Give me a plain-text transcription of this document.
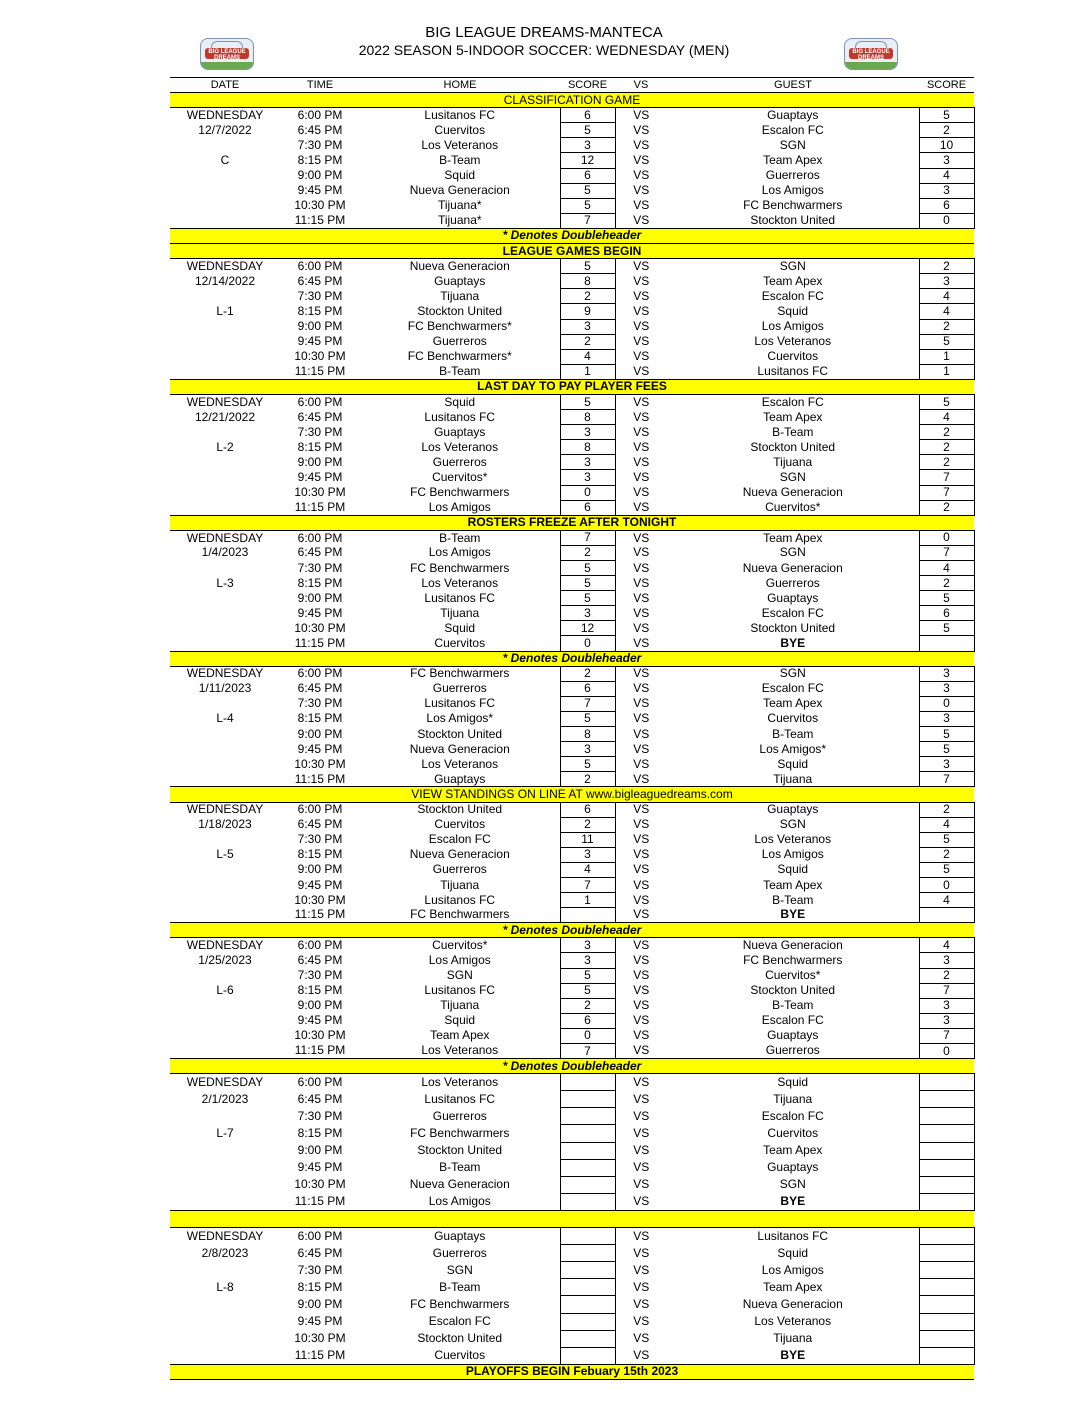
BIG LEAGUE DREAMS-MANTECA
2022 SEASON 5-INDOOR SOCCER: WEDNESDAY (MEN)
BIG LEAGUE DREAMS
BIG LEAGUE DREAMS

DATE	TIME	HOME	SCORE	VS	GUEST	SCORE
CLASSIFICATION GAME						
WEDNESDAY	6:00 PM	Lusitanos FC	6	VS	Guaptays	5
12/7/2022	6:45 PM	Cuervitos	5	VS	Escalon FC	2
	7:30 PM	Los Veteranos	3	VS	SGN	10
C	8:15 PM	B-Team	12	VS	Team Apex	3
	9:00 PM	Squid	6	VS	Guerreros	4
	9:45 PM	Nueva Generacion	5	VS	Los Amigos	3
	10:30 PM	Tijuana*	5	VS	FC Benchwarmers	6
	11:15 PM	Tijuana*	7	VS	Stockton United	0
* Denotes Doubleheader						
LEAGUE GAMES BEGIN						
WEDNESDAY	6:00 PM	Nueva Generacion	5	VS	SGN	2
12/14/2022	6:45 PM	Guaptays	8	VS	Team Apex	3
	7:30 PM	Tijuana	2	VS	Escalon FC	4
L-1	8:15 PM	Stockton United	9	VS	Squid	4
	9:00 PM	FC Benchwarmers*	3	VS	Los Amigos	2
	9:45 PM	Guerreros	2	VS	Los Veteranos	5
	10:30 PM	FC Benchwarmers*	4	VS	Cuervitos	1
	11:15 PM	B-Team	1	VS	Lusitanos FC	1
LAST DAY TO PAY PLAYER FEES						
WEDNESDAY	6:00 PM	Squid	5	VS	Escalon FC	5
12/21/2022	6:45 PM	Lusitanos FC	8	VS	Team Apex	4
	7:30 PM	Guaptays	3	VS	B-Team	2
L-2	8:15 PM	Los Veteranos	8	VS	Stockton United	2
	9:00 PM	Guerreros	3	VS	Tijuana	2
	9:45 PM	Cuervitos*	3	VS	SGN	7
	10:30 PM	FC Benchwarmers	0	VS	Nueva Generacion	7
	11:15 PM	Los Amigos	6	VS	Cuervitos*	2
ROSTERS FREEZE AFTER TONIGHT						
WEDNESDAY	6:00 PM	B-Team	7	VS	Team Apex	0
1/4/2023	6:45 PM	Los Amigos	2	VS	SGN	7
	7:30 PM	FC Benchwarmers	5	VS	Nueva Generacion	4
L-3	8:15 PM	Los Veteranos	5	VS	Guerreros	2
	9:00 PM	Lusitanos FC	5	VS	Guaptays	5
	9:45 PM	Tijuana	3	VS	Escalon FC	6
	10:30 PM	Squid	12	VS	Stockton United	5
	11:15 PM	Cuervitos	0	VS	BYE	
* Denotes Doubleheader						
WEDNESDAY	6:00 PM	FC Benchwarmers	2	VS	SGN	3
1/11/2023	6:45 PM	Guerreros	6	VS	Escalon FC	3
	7:30 PM	Lusitanos FC	7	VS	Team Apex	0
L-4	8:15 PM	Los Amigos*	5	VS	Cuervitos	3
	9:00 PM	Stockton United	8	VS	B-Team	5
	9:45 PM	Nueva Generacion	3	VS	Los Amigos*	5
	10:30 PM	Los Veteranos	5	VS	Squid	3
	11:15 PM	Guaptays	2	VS	Tijuana	7
VIEW STANDINGS ON LINE AT www.bigleaguedreams.com						
WEDNESDAY	6:00 PM	Stockton United	6	VS	Guaptays	2
1/18/2023	6:45 PM	Cuervitos	2	VS	SGN	4
	7:30 PM	Escalon FC	11	VS	Los Veteranos	5
L-5	8:15 PM	Nueva Generacion	3	VS	Los Amigos	2
	9:00 PM	Guerreros	4	VS	Squid	5
	9:45 PM	Tijuana	7	VS	Team Apex	0
	10:30 PM	Lusitanos FC	1	VS	B-Team	4
	11:15 PM	FC Benchwarmers		VS	BYE	
* Denotes Doubleheader						
WEDNESDAY	6:00 PM	Cuervitos*	3	VS	Nueva Generacion	4
1/25/2023	6:45 PM	Los Amigos	3	VS	FC Benchwarmers	3
	7:30 PM	SGN	5	VS	Cuervitos*	2
L-6	8:15 PM	Lusitanos FC	5	VS	Stockton United	7
	9:00 PM	Tijuana	2	VS	B-Team	3
	9:45 PM	Squid	6	VS	Escalon FC	3
	10:30 PM	Team Apex	0	VS	Guaptays	7
	11:15 PM	Los Veteranos	7	VS	Guerreros	0
* Denotes Doubleheader						
WEDNESDAY	6:00 PM	Los Veteranos		VS	Squid	
2/1/2023	6:45 PM	Lusitanos FC		VS	Tijuana	
	7:30 PM	Guerreros		VS	Escalon FC	
L-7	8:15 PM	FC Benchwarmers		VS	Cuervitos	
	9:00 PM	Stockton United		VS	Team Apex	
	9:45 PM	B-Team		VS	Guaptays	
	10:30 PM	Nueva Generacion		VS	SGN	
	11:15 PM	Los Amigos		VS	BYE	

WEDNESDAY	6:00 PM	Guaptays		VS	Lusitanos FC	
2/8/2023	6:45 PM	Guerreros		VS	Squid	
	7:30 PM	SGN		VS	Los Amigos	
L-8	8:15 PM	B-Team		VS	Team Apex	
	9:00 PM	FC Benchwarmers		VS	Nueva Generacion	
	9:45 PM	Escalon FC		VS	Los Veteranos	
	10:30 PM	Stockton United		VS	Tijuana	
	11:15 PM	Cuervitos		VS	BYE	
PLAYOFFS BEGIN Febuary 15th 2023						
